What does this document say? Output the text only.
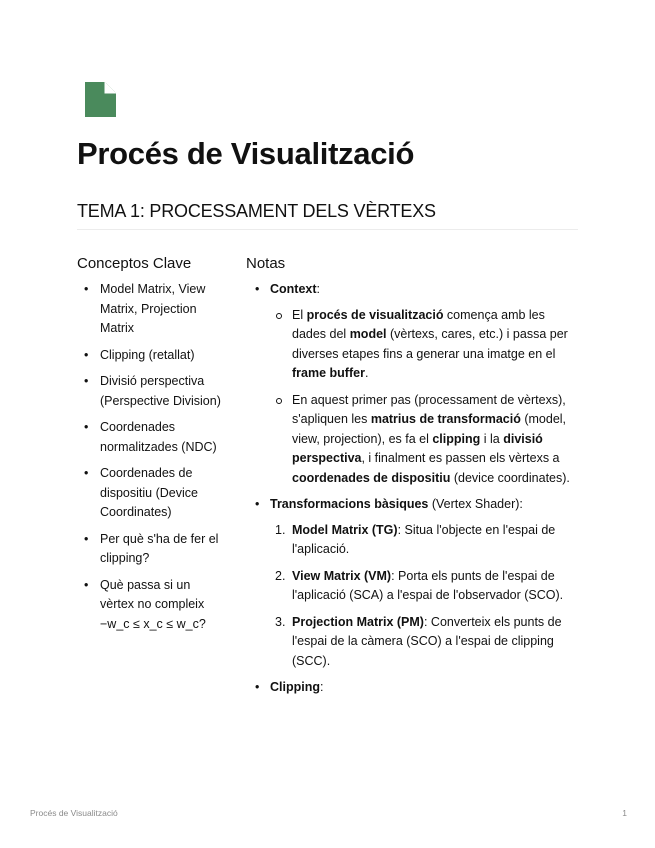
Procés de Visualització
TEMA 1: PROCESSAMENT DELS VÈRTEXS
Conceptos Clave	Notas
• Model Matrix, View Matrix, Projection Matrix
• Clipping (retallat)
• Divisió perspectiva (Perspective Division)
• Coordenades normalitzades (NDC)
• Coordenades de dispositiu (Device Coordinates)
• Per què s'ha de fer el clipping?
• Què passa si un vèrtex no compleix −w_c ≤ x_c ≤ w_c?
• Context:
El procés de visualització comença amb les dades del model (vèrtexs, cares, etc.) i passa per diverses etapes fins a generar una imatge en el frame buffer.
En aquest primer pas (processament de vèrtexs), s'apliquen les matrius de transformació (model, view, projection), es fa el clipping i la divisió perspectiva, i finalment es passen els vèrtexs a coordenades de dispositiu (device coordinates).
• Transformacions bàsiques (Vertex Shader):
1. Model Matrix (TG): Situa l'objecte en l'espai de l'aplicació.
2. View Matrix (VM): Porta els punts de l'espai de l'aplicació (SCA) a l'espai de l'observador (SCO).
3. Projection Matrix (PM): Converteix els punts de l'espai de la càmera (SCO) a l'espai de clipping (SCC).
• Clipping:
Procés de Visualització	1
